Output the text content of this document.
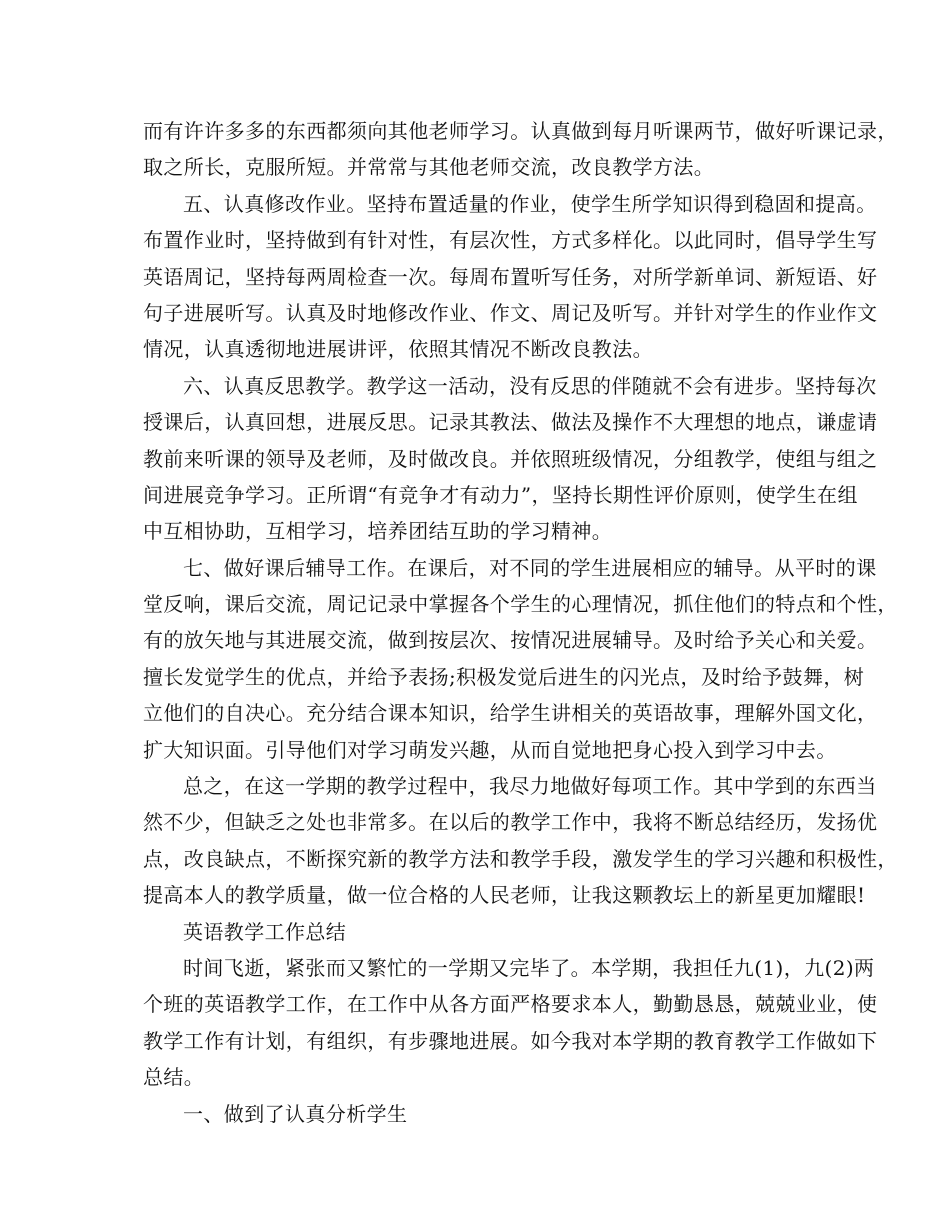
而有许许多多的东西都须向其他老师学习。认真做到每月听课两节，做好听课记录，
取之所长，克服所短。并常常与其他老师交流，改良教学方法。
五、认真修改作业。坚持布置适量的作业，使学生所学知识得到稳固和提高。
布置作业时，坚持做到有针对性，有层次性，方式多样化。以此同时，倡导学生写
英语周记，坚持每两周检查一次。每周布置听写任务，对所学新单词、新短语、好
句子进展听写。认真及时地修改作业、作文、周记及听写。并针对学生的作业作文
情况，认真透彻地进展讲评，依照其情况不断改良教法。
六、认真反思教学。教学这一活动，没有反思的伴随就不会有进步。坚持每次
授课后，认真回想，进展反思。记录其教法、做法及操作不大理想的地点，谦虚请
教前来听课的领导及老师，及时做改良。并依照班级情况，分组教学，使组与组之
间进展竞争学习。正所谓“有竞争才有动力”，坚持长期性评价原则，使学生在组
中互相协助，互相学习，培养团结互助的学习精神。
七、做好课后辅导工作。在课后，对不同的学生进展相应的辅导。从平时的课
堂反响，课后交流，周记记录中掌握各个学生的心理情况，抓住他们的特点和个性，
有的放矢地与其进展交流，做到按层次、按情况进展辅导。及时给予关心和关爱。
擅长发觉学生的优点，并给予表扬;积极发觉后进生的闪光点，及时给予鼓舞，树
立他们的自决心。充分结合课本知识，给学生讲相关的英语故事，理解外国文化，
扩大知识面。引导他们对学习萌发兴趣，从而自觉地把身心投入到学习中去。
总之，在这一学期的教学过程中，我尽力地做好每项工作。其中学到的东西当
然不少，但缺乏之处也非常多。在以后的教学工作中，我将不断总结经历，发扬优
点，改良缺点，不断探究新的教学方法和教学手段，激发学生的学习兴趣和积极性，
提高本人的教学质量，做一位合格的人民老师，让我这颗教坛上的新星更加耀眼!
英语教学工作总结
时间飞逝，紧张而又繁忙的一学期又完毕了。本学期，我担任九(1)，九(2)两
个班的英语教学工作，在工作中从各方面严格要求本人，勤勤恳恳，兢兢业业，使
教学工作有计划，有组织，有步骤地进展。如今我对本学期的教育教学工作做如下
总结。
一、做到了认真分析学生
